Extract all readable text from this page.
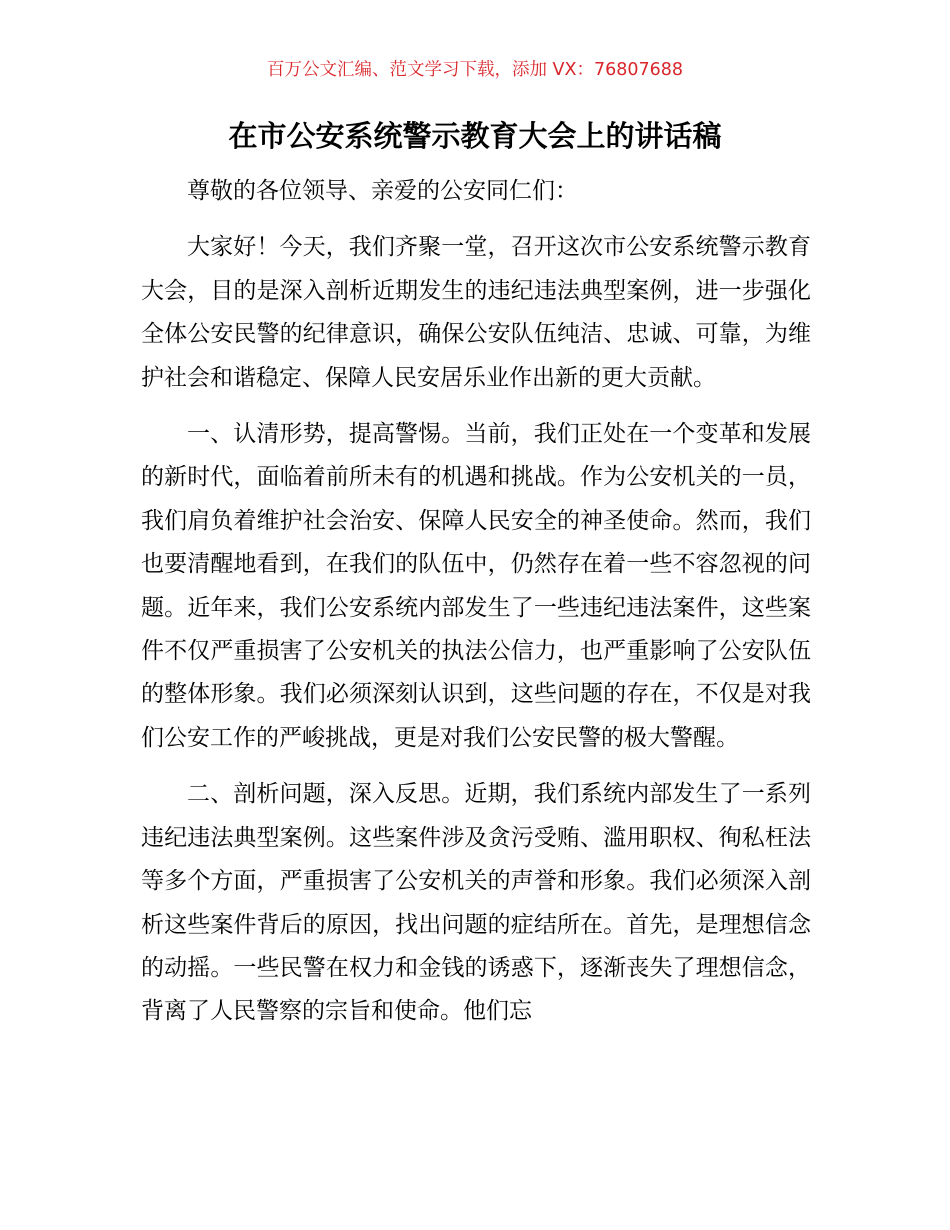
百万公文汇编、范文学习下载，添加 VX：76807688
在市公安系统警示教育大会上的讲话稿

尊敬的各位领导、亲爱的公安同仁们：

大家好！今天，我们齐聚一堂，召开这次市公安系统警示教育大会，目的是深入剖析近期发生的违纪违法典型案例，进一步强化全体公安民警的纪律意识，确保公安队伍纯洁、忠诚、可靠，为维护社会和谐稳定、保障人民安居乐业作出新的更大贡献。

一、认清形势，提高警惕。当前，我们正处在一个变革和发展的新时代，面临着前所未有的机遇和挑战。作为公安机关的一员，我们肩负着维护社会治安、保障人民安全的神圣使命。然而，我们也要清醒地看到，在我们的队伍中，仍然存在着一些不容忽视的问题。近年来，我们公安系统内部发生了一些违纪违法案件，这些案件不仅严重损害了公安机关的执法公信力，也严重影响了公安队伍的整体形象。我们必须深刻认识到，这些问题的存在，不仅是对我们公安工作的严峻挑战，更是对我们公安民警的极大警醒。

二、剖析问题，深入反思。近期，我们系统内部发生了一系列违纪违法典型案例。这些案件涉及贪污受贿、滥用职权、徇私枉法等多个方面，严重损害了公安机关的声誉和形象。我们必须深入剖析这些案件背后的原因，找出问题的症结所在。首先，是理想信念的动摇。一些民警在权力和金钱的诱惑下，逐渐丧失了理想信念，背离了人民警察的宗旨和使命。他们忘
